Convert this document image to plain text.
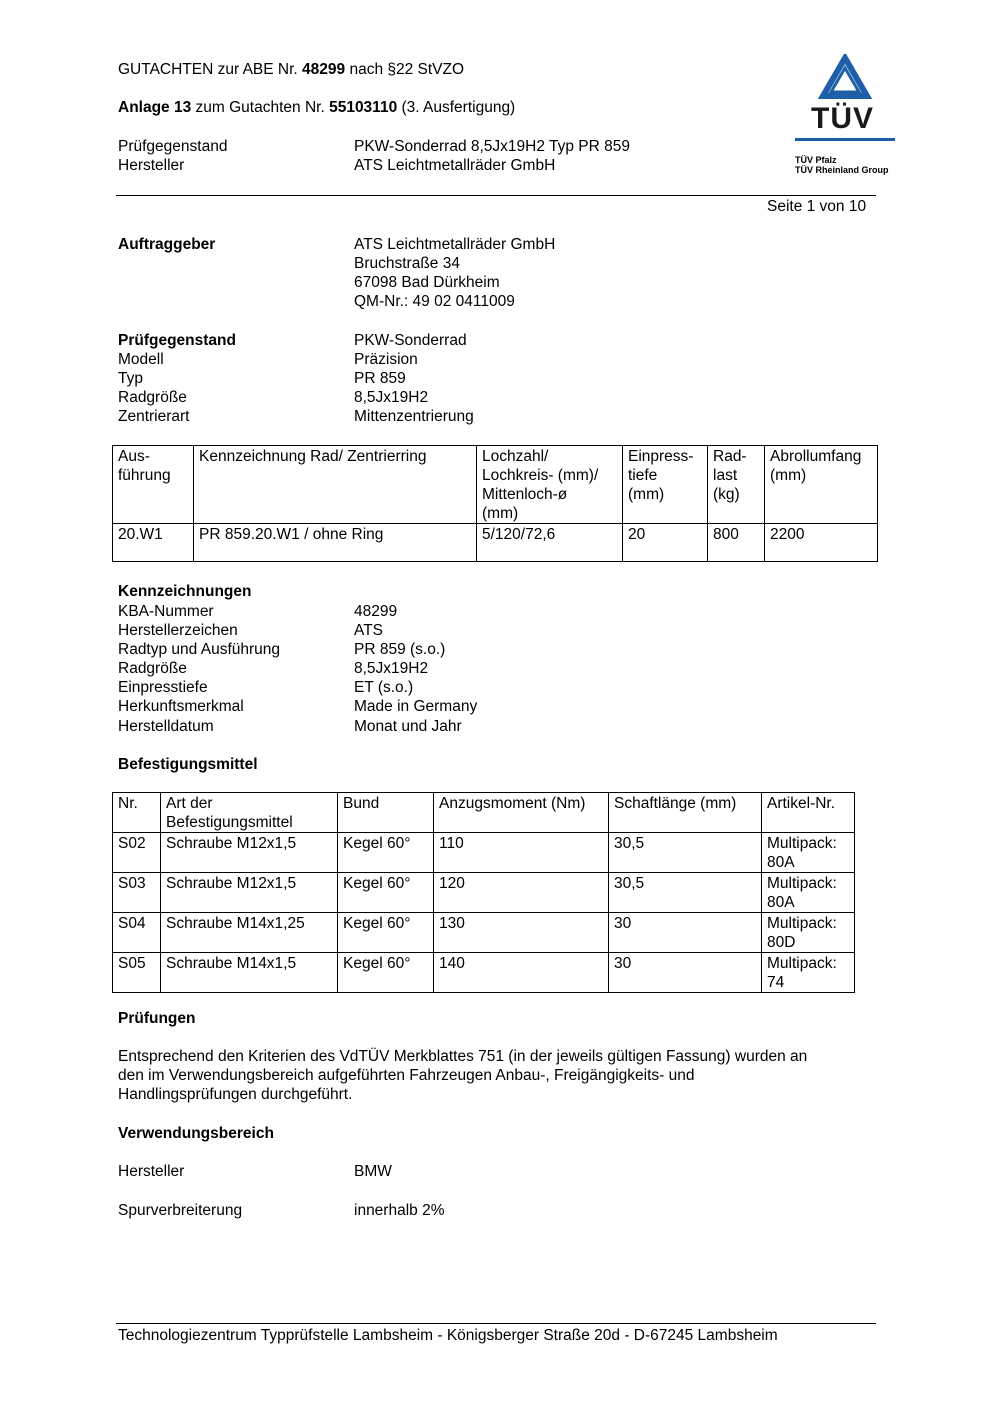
GUTACHTEN zur ABE Nr. 48299 nach §22 StVZO
Anlage 13 zum Gutachten Nr. 55103110 (3. Ausfertigung)
Prüfgegenstand	PKW-Sonderrad 8,5Jx19H2 Typ PR 859
Hersteller	ATS Leichtmetallräder GmbH
TÜV
TÜV Pfalz
TÜV Rheinland Group
Seite 1 von 10
Auftraggeber	ATS Leichtmetallräder GmbH
Bruchstraße 34
67098 Bad Dürkheim
QM-Nr.: 49 02 0411009
Prüfgegenstand	PKW-Sonderrad
Modell	Präzision
Typ	PR 859
Radgröße	8,5Jx19H2
Zentrierart	Mittenzentrierung
Aus-
führung	Kennzeichnung Rad/ Zentrierring	Lochzahl/
Lochkreis- (mm)/
Mittenloch-ø
(mm)	Einpress-
tiefe
(mm)	Rad-
last
(kg)	Abrollumfang
(mm)
20.W1	PR 859.20.W1 / ohne Ring	5/120/72,6	20	800	2200
Kennzeichnungen
KBA-Nummer	48299
Herstellerzeichen	ATS
Radtyp und Ausführung	PR 859 (s.o.)
Radgröße	8,5Jx19H2
Einpresstiefe	ET (s.o.)
Herkunftsmerkmal	Made in Germany
Herstelldatum	Monat und Jahr
Befestigungsmittel
Nr.	Art der
Befestigungsmittel	Bund	Anzugsmoment (Nm)	Schaftlänge (mm)	Artikel-Nr.
S02	Schraube M12x1,5	Kegel 60°	110	30,5	Multipack:
80A
S03	Schraube M12x1,5	Kegel 60°	120	30,5	Multipack:
80A
S04	Schraube M14x1,25	Kegel 60°	130	30	Multipack:
80D
S05	Schraube M14x1,5	Kegel 60°	140	30	Multipack:
74
Prüfungen
Entsprechend den Kriterien des VdTÜV Merkblattes 751 (in der jeweils gültigen Fassung) wurden an
den im Verwendungsbereich aufgeführten Fahrzeugen Anbau-, Freigängigkeits- und
Handlingsprüfungen durchgeführt.
Verwendungsbereich
Hersteller	BMW
Spurverbreiterung	innerhalb 2%
Technologiezentrum Typprüfstelle Lambsheim - Königsberger Straße 20d - D-67245 Lambsheim
